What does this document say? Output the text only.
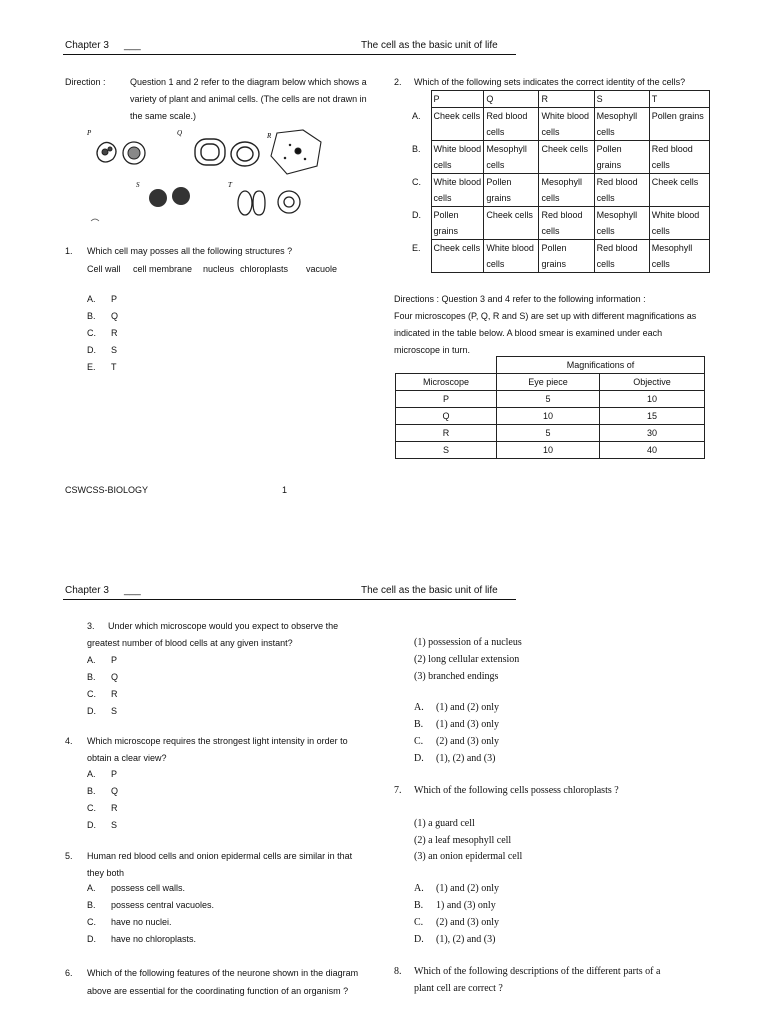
Chapter 3 ___	The cell as the basic unit of life
Direction :	Question 1 and 2 refer to the diagram below which shows a
variety of plant and animal cells. (The cells are not drawn in
the same scale.)
P	Q	R
S	T
1. Which cell may posses all the following structures ?
Cell wall cell membrane nucleus chloroplasts vacuole
A. P
B. Q
C. R
D. S
E. T
2. Which of the following sets indicates the correct identity of the cells?
	P	Q	R	S	T
A.	Cheek cells	Red blood cells	White blood cells	Mesophyll cells	Pollen grains
B.	White blood cells	Mesophyll cells	Cheek cells	Pollen grains	Red blood cells
C.	White blood cells	Pollen grains	Mesophyll cells	Red blood cells	Cheek cells
D.	Pollen grains	Cheek cells	Red blood cells	Mesophyll cells	White blood cells
E.	Cheek cells	White blood cells	Pollen grains	Red blood cells	Mesophyll cells
Directions : Question 3 and 4 refer to the following information :
Four microscopes (P, Q, R and S) are set up with different magnifications as
indicated in the table below. A blood smear is examined under each
microscope in turn.
	Magnifications of	
Microscope	Eye piece	Objective
P	5	10
Q	10	15
R	5	30
S	10	40
CSWCSS-BIOLOGY	1
Chapter 3 ___	The cell as the basic unit of life
3. Under which microscope would you expect to observe the
greatest number of blood cells at any given instant?
A. P
B. Q
C. R
D. S
4. Which microscope requires the strongest light intensity in order to
obtain a clear view?
A. P
B. Q
C. R
D. S
5. Human red blood cells and onion epidermal cells are similar in that
they both
A. possess cell walls.
B. possess central vacuoles.
C. have no nuclei.
D. have no chloroplasts.
6. Which of the following features of the neurone shown in the diagram
above are essential for the coordinating function of an organism ?
(1) possession of a nucleus
(2) long cellular extension
(3) branched endings
A. (1) and (2) only
B. (1) and (3) only
C. (2) and (3) only
D. (1), (2) and (3)
7. Which of the following cells possess chloroplasts ?
(1) a guard cell
(2) a leaf mesophyll cell
(3) an onion epidermal cell
A. (1) and (2) only
B. 1) and (3) only
C. (2) and (3) only
D. (1), (2) and (3)
8. Which of the following descriptions of the different parts of a
plant cell are correct ?
